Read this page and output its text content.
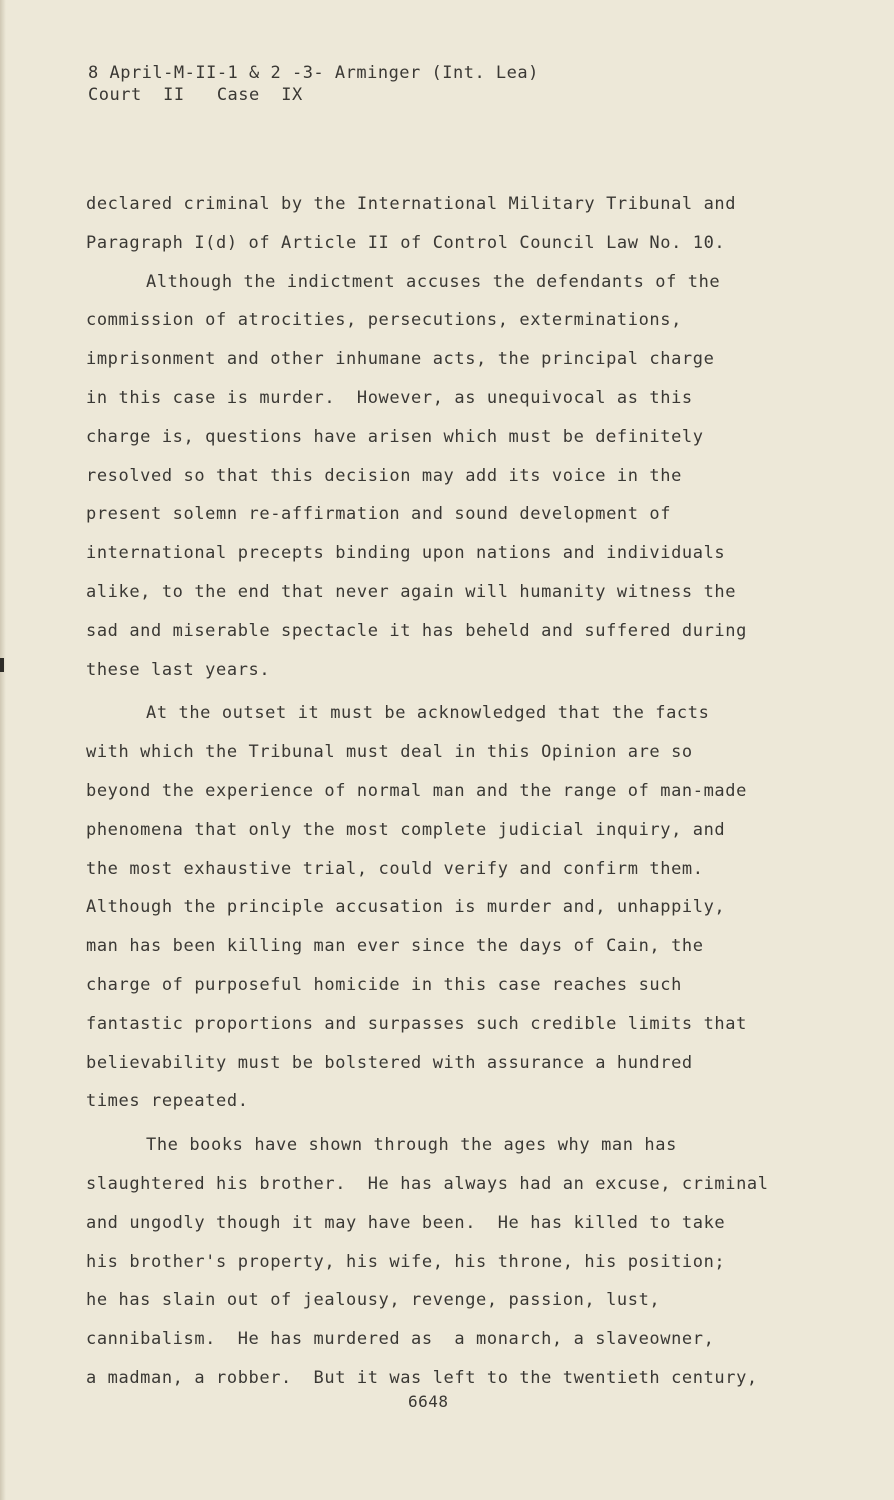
8 April-M-II-1 & 2 -3- Arminger (Int. Lea)
Court  II   Case  IX
declared criminal by the International Military Tribunal and
Paragraph I(d) of Article II of Control Council Law No. 10.
Although the indictment accuses the defendants of the
commission of atrocities, persecutions, exterminations,
imprisonment and other inhumane acts, the principal charge
in this case is murder.  However, as unequivocal as this
charge is, questions have arisen which must be definitely
resolved so that this decision may add its voice in the
present solemn re-affirmation and sound development of
international precepts binding upon nations and individuals
alike, to the end that never again will humanity witness the
sad and miserable spectacle it has beheld and suffered during
these last years.
At the outset it must be acknowledged that the facts
with which the Tribunal must deal in this Opinion are so
beyond the experience of normal man and the range of man-made
phenomena that only the most complete judicial inquiry, and
the most exhaustive trial, could verify and confirm them.
Although the principle accusation is murder and, unhappily,
man has been killing man ever since the days of Cain, the
charge of purposeful homicide in this case reaches such
fantastic proportions and surpasses such credible limits that
believability must be bolstered with assurance a hundred
times repeated.
The books have shown through the ages why man has
slaughtered his brother.  He has always had an excuse, criminal
and ungodly though it may have been.  He has killed to take
his brother's property, his wife, his throne, his position;
he has slain out of jealousy, revenge, passion, lust,
cannibalism.  He has murdered as  a monarch, a slaveowner,
a madman, a robber.  But it was left to the twentieth century,
6648
